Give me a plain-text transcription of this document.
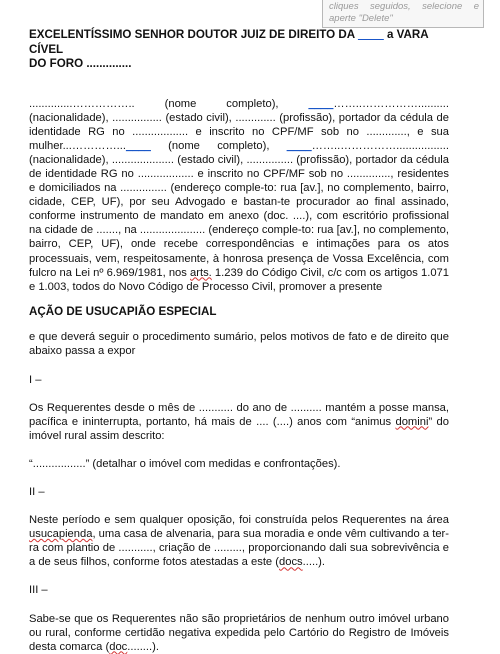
cliques seguidos, selecione e aperte "Delete"

EXCELENTÍSSIMO SENHOR DOUTOR JUIZ DE DIREITO DA ____ a VARA CÍVEL

DO FORO ..............

..............…………….. (nome completo), ____……..…………….......... (nacionalidade), ................ (estado civil), ............. (profissão), portador da cédula de identidade RG no .................. e inscrito no CPF/MF sob no ............., e sua mulher...…………...____ (nome completo), ____……..……………................. (nacionalidade), .................... (estado civil), ............... (profissão), portador da cédula de identidade RG no .................. e inscrito no CPF/MF sob no .............., residentes e domiciliados na ............... (endereço comple-to: rua [av.], no complemento, bairro, cidade, CEP, UF), por seu Advogado e bastan-te procurador ao final assinado, conforme instrumento de mandato em anexo (doc. ....), com escritório profissional na cidade de ......., na ..................... (endereço comple-to: rua [av.], no complemento, bairro, CEP, UF), onde recebe correspondências e intimações para os atos processuais, vem, respeitosamente, à honrosa presença de Vossa Excelência, com fulcro na Lei nº 6.969/1981, nos arts. 1.239 do Código Civil, c/c com os artigos 1.071 e 1.003, todos do Novo Código de Processo Civil, promover a presente

AÇÃO DE USUCAPIÃO ESPECIAL

e que deverá seguir o procedimento sumário, pelos motivos de fato e de direito que abaixo passa a expor

I –

Os Requerentes desde o mês de ........... do ano de .......... mantém a posse mansa, pacífica e ininterrupta, portanto, há mais de .... (....) anos com “animus domini” do imóvel rural assim descrito:

“.................” (detalhar o imóvel com medidas e confrontações).

II –

Neste período e sem qualquer oposição, foi construída pelos Requerentes na área usucapienda, uma casa de alvenaria, para sua moradia e onde vêm cultivando a ter-ra com plantio de ..........., criação de ........., proporcionando dali sua sobrevivência e a de seus filhos, conforme fotos atestadas a este (docs.....).

III –

Sabe-se que os Requerentes não são proprietários de nenhum outro imóvel urbano ou rural, conforme certidão negativa expedida pelo Cartório do Registro de Imóveis desta comarca (doc........).
